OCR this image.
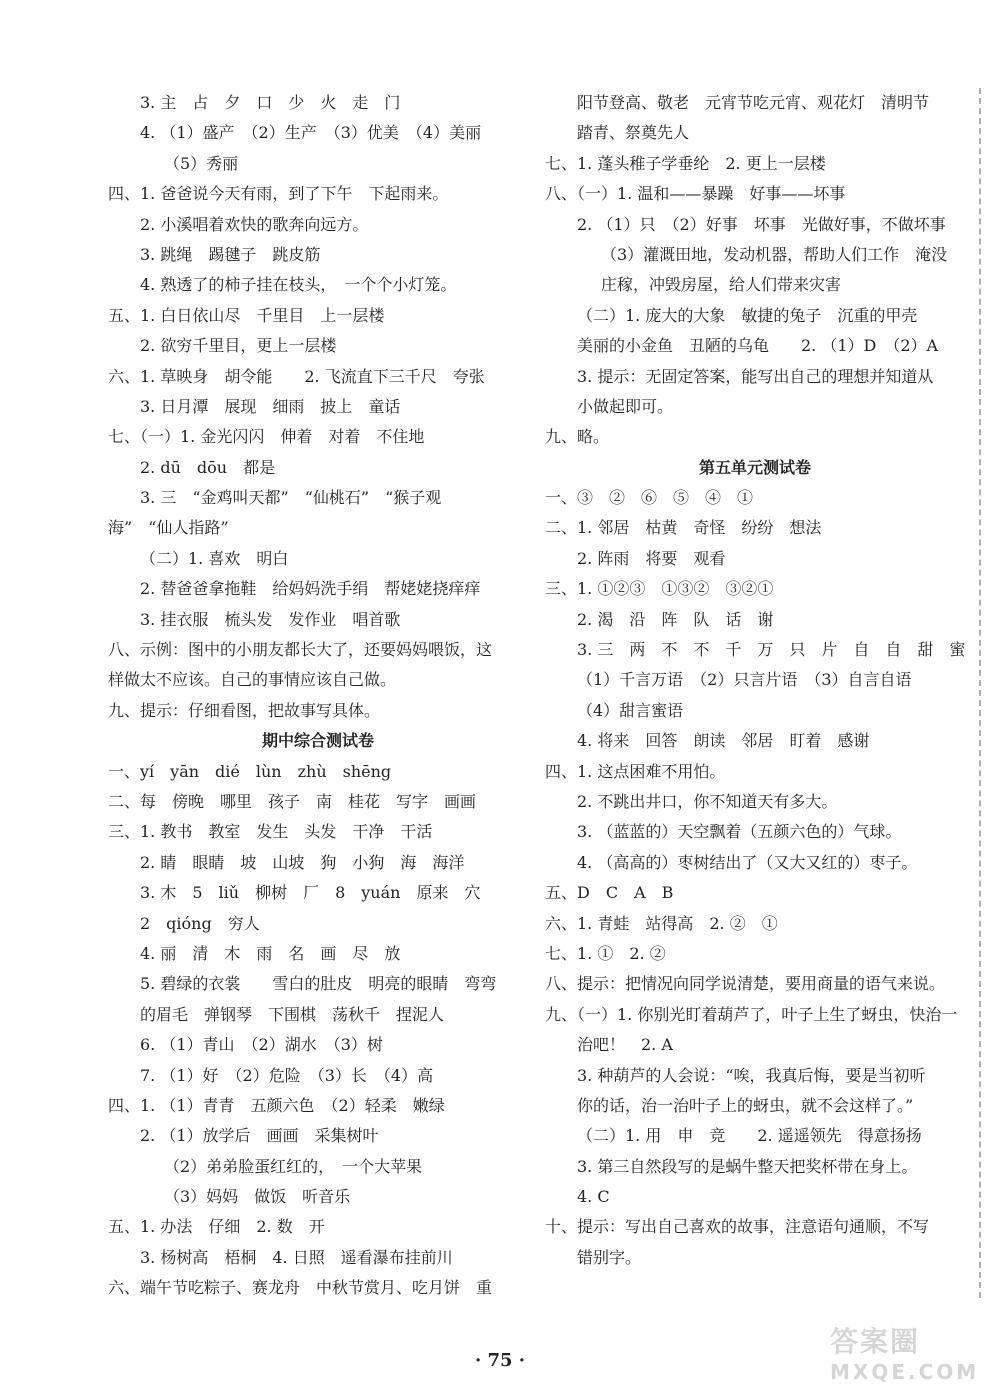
3. 主　占　夕　口　少　火　走　门
4. （1）盛产　（2）生产　（3）优美　（4）美丽
（5）秀丽
四、1. 爸爸说今天有雨，到了下午　下起雨来。
2. 小溪唱着欢快的歌奔向远方。
3. 跳绳　踢毽子　跳皮筋
4. 熟透了的柿子挂在枝头，　一个个小灯笼。
五、1. 白日依山尽　千里目　上一层楼
2. 欲穷千里目，更上一层楼
六、1. 草映身　胡令能　　2. 飞流直下三千尺　夸张
3. 日月潭　展现　细雨　披上　童话
七、（一）1. 金光闪闪　伸着　对着　不住地
2. dū　dōu　都是
3. 三　“金鸡叫天都”　“仙桃石”　“猴子观
海”　“仙人指路”
（二）1. 喜欢　明白
2. 替爸爸拿拖鞋　给妈妈洗手绢　帮姥姥挠痒痒
3. 挂衣服　梳头发　发作业　唱首歌
八、示例：图中的小朋友都长大了，还要妈妈喂饭，这
样做太不应该。自己的事情应该自己做。
九、提示：仔细看图，把故事写具体。
期中综合测试卷
一、yí　yān　dié　lùn　zhù　shēng
二、每　傍晚　哪里　孩子　南　桂花　写字　画画
三、1. 教书　教室　发生　头发　干净　干活
2. 睛　眼睛　坡　山坡　狗　小狗　海　海洋
3. 木　5　liǔ　柳树　厂　8　yuán　原来　穴
2　qióng　穷人
4. 丽　清　木　雨　名　画　尽　放
5. 碧绿的衣裳　　雪白的肚皮　明亮的眼睛　弯弯
的眉毛　弹钢琴　下围棋　荡秋千　捏泥人
6. （1）青山　（2）湖水　（3）树
7. （1）好　（2）危险　（3）长　（4）高
四、1. （1）青青　五颜六色　（2）轻柔　嫩绿
2. （1）放学后　画画　采集树叶
（2）弟弟脸蛋红红的，　一个大苹果
（3）妈妈　做饭　听音乐
五、1. 办法　仔细　2. 数　开
3. 杨树高　梧桐　4. 日照　遥看瀑布挂前川
六、端午节吃粽子、赛龙舟　中秋节赏月、吃月饼　重
阳节登高、敬老　元宵节吃元宵、观花灯　清明节
踏青、祭奠先人
七、1. 蓬头稚子学垂纶　2. 更上一层楼
八、（一）1. 温和——暴躁　好事——坏事
2. （1）只　（2）好事　坏事　光做好事，不做坏事
（3）灌溉田地，发动机器，帮助人们工作　淹没
庄稼，冲毁房屋，给人们带来灾害
（二）1. 庞大的大象　敏捷的兔子　沉重的甲壳
美丽的小金鱼　丑陋的乌龟　　2. （1）D　（2）A
3. 提示：无固定答案，能写出自己的理想并知道从
小做起即可。
九、略。
第五单元测试卷
一、③　②　⑥　⑤　④　①
二、1. 邻居　枯黄　奇怪　纷纷　想法
2. 阵雨　将要　观看
三、1. ①②③　①③②　③②①
2. 渴　沿　阵　队　话　谢
3. 三　两　不　不　千　万　只　片　自　自　甜　蜜
（1）千言万语　（2）只言片语　（3）自言自语
（4）甜言蜜语
4. 将来　回答　朗读　邻居　盯着　感谢
四、1. 这点困难不用怕。
2. 不跳出井口，你不知道天有多大。
3. （蓝蓝的）天空飘着（五颜六色的）气球。
4. （高高的）枣树结出了（又大又红的）枣子。
五、D　C　A　B
六、1. 青蛙　站得高　2. ②　①
七、1. ①　2. ②
八、提示：把情况向同学说清楚，要用商量的语气来说。
九、（一）1. 你别光盯着葫芦了，叶子上生了蚜虫，快治一
治吧！　2. A
3. 种葫芦的人会说：“唉，我真后悔，要是当初听
你的话，治一治叶子上的蚜虫，就不会这样了。”
（二）1. 用　申　竞　　2. 遥遥领先　得意扬扬
3. 第三自然段写的是蜗牛整天把奖杯带在身上。
4. C
十、提示：写出自己喜欢的故事，注意语句通顺，不写
错别字。
· 75 ·
答案圈
MXQE.COM
